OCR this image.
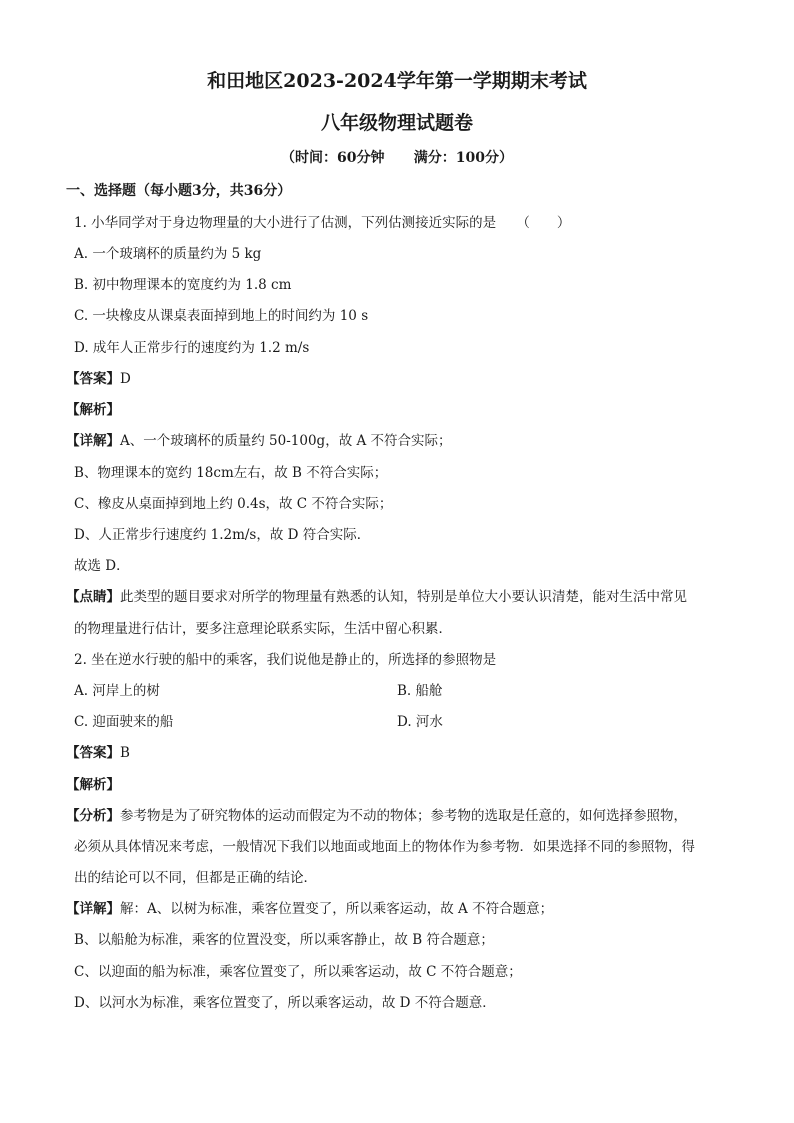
和田地区2023-2024学年第一学期期末考试
八年级物理试题卷
（时间：60分钟      满分：100分）
一、选择题（每小题3分，共36分）
1. 小华同学对于身边物理量的大小进行了估测，下列估测接近实际的是　　（　　）
A. 一个玻璃杯的质量约为 5 kg
B. 初中物理课本的宽度约为 1.8 cm
C. 一块橡皮从课桌表面掉到地上的时间约为 10 s
D. 成年人正常步行的速度约为 1.2 m/s
【答案】D
【解析】
【详解】A、一个玻璃杯的质量约 50-100g，故 A 不符合实际；
B、物理课本的宽约 18cm左右，故 B 不符合实际；
C、橡皮从桌面掉到地上约 0.4s，故 C 不符合实际；
D、人正常步行速度约 1.2m/s，故 D 符合实际．
故选 D．
【点睛】此类型的题目要求对所学的物理量有熟悉的认知，特别是单位大小要认识清楚，能对生活中常见
的物理量进行估计，要多注意理论联系实际，生活中留心积累．
2. 坐在逆水行驶的船中的乘客，我们说他是静止的，所选择的参照物是
A. 河岸上的树	B. 船舱
C. 迎面驶来的船	D. 河水
【答案】B
【解析】
【分析】参考物是为了研究物体的运动而假定为不动的物体；参考物的选取是任意的，如何选择参照物，
必须从具体情况来考虑，一般情况下我们以地面或地面上的物体作为参考物．如果选择不同的参照物，得
出的结论可以不同，但都是正确的结论．
【详解】解：A、以树为标准，乘客位置变了，所以乘客运动，故 A 不符合题意；
B、以船舱为标准，乘客的位置没变，所以乘客静止，故 B 符合题意；
C、以迎面的船为标准，乘客位置变了，所以乘客运动，故 C 不符合题意；
D、以河水为标准，乘客位置变了，所以乘客运动，故 D 不符合题意．
